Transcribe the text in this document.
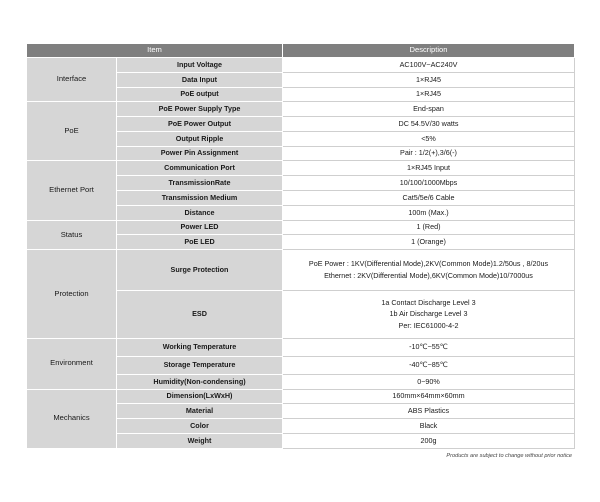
Item		Description
Interface	Input Voltage	AC100V~AC240V

	Data Input	1×RJ45

	PoE output	1×RJ45

PoE	PoE Power Supply Type	End-span

	PoE Power Output	DC 54.5V/30 watts

	Output Ripple	<5%

	Power Pin Assignment	Pair : 1/2(+),3/6(-)

Ethernet Port	Communication Port	1×RJ45 Input

	TransmissionRate	10/100/1000Mbps

	Transmission Medium	Cat5/5e/6 Cable

	Distance	100m (Max.)

Status	Power LED	1 (Red)

	PoE LED	1 (Orange)

Protection	Surge Protection	PoE Power : 1KV(Differential Mode),2KV(Common Mode)1.2/50us , 8/20us
Ethernet : 2KV(Differential Mode),6KV(Common Mode)10/7000us

	ESD	1a Contact Discharge Level 3
1b Air Discharge Level 3
Per: IEC61000-4-2

Environment	Working Temperature	-10℃~55℃

	Storage Temperature	-40℃~85℃

	Humidity(Non-condensing)	0~90%

Mechanics	Dimension(LxWxH)	160mm×64mm×60mm

	Material	ABS Plastics

	Color	Black

	Weight	200g
Products are subject to change without prior notice
